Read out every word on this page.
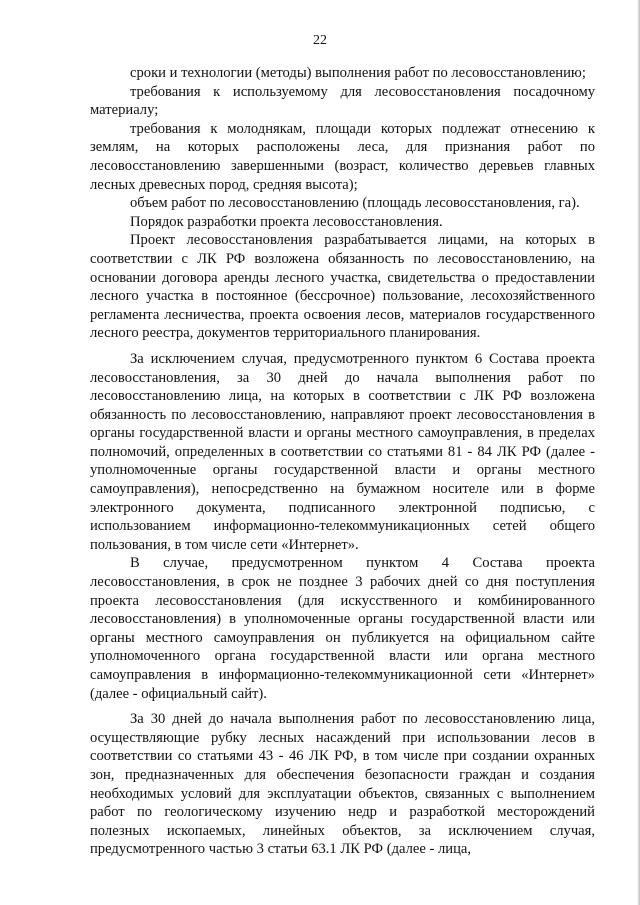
22

сроки и технологии (методы) выполнения работ по лесовосстановлению;

требования к используемому для лесовосстановления посадочному материалу;

требования к молоднякам, площади которых подлежат отнесению к землям, на которых расположены леса, для признания работ по лесовосстановлению завершенными (возраст, количество деревьев главных лесных древесных пород, средняя высота);

объем работ по лесовосстановлению (площадь лесовосстановления, га).

Порядок разработки проекта лесовосстановления.

Проект лесовосстановления разрабатывается лицами, на которых в соответствии с ЛК РФ возложена обязанность по лесовосстановлению, на основании договора аренды лесного участка, свидетельства о предоставлении лесного участка в постоянное (бессрочное) пользование, лесохозяйственного регламента лесничества, проекта освоения лесов, материалов государственного лесного реестра, документов территориального планирования.

За исключением случая, предусмотренного пунктом 6 Состава проекта лесовосстановления, за 30 дней до начала выполнения работ по лесовосстановлению лица, на которых в соответствии с ЛК РФ возложена обязанность по лесовосстановлению, направляют проект лесовосстановления в органы государственной власти и органы местного самоуправления, в пределах полномочий, определенных в соответствии со статьями 81 - 84 ЛК РФ (далее - уполномоченные органы государственной власти и органы местного самоуправления), непосредственно на бумажном носителе или в форме электронного документа, подписанного электронной подписью, с использованием информационно-телекоммуникационных сетей общего пользования, в том числе сети «Интернет».

В случае, предусмотренном пунктом 4 Состава проекта лесовосстановления, в срок не позднее 3 рабочих дней со дня поступления проекта лесовосстановления (для искусственного и комбинированного лесовосстановления) в уполномоченные органы государственной власти или органы местного самоуправления он публикуется на официальном сайте уполномоченного органа государственной власти или органа местного самоуправления в информационно-телекоммуникационной сети «Интернет» (далее - официальный сайт).

За 30 дней до начала выполнения работ по лесовосстановлению лица, осуществляющие рубку лесных насаждений при использовании лесов в соответствии со статьями 43 - 46 ЛК РФ, в том числе при создании охранных зон, предназначенных для обеспечения безопасности граждан и создания необходимых условий для эксплуатации объектов, связанных с выполнением работ по геологическому изучению недр и разработкой месторождений полезных ископаемых, линейных объектов, за исключением случая, предусмотренного частью 3 статьи 63.1 ЛК РФ (далее - лица,
